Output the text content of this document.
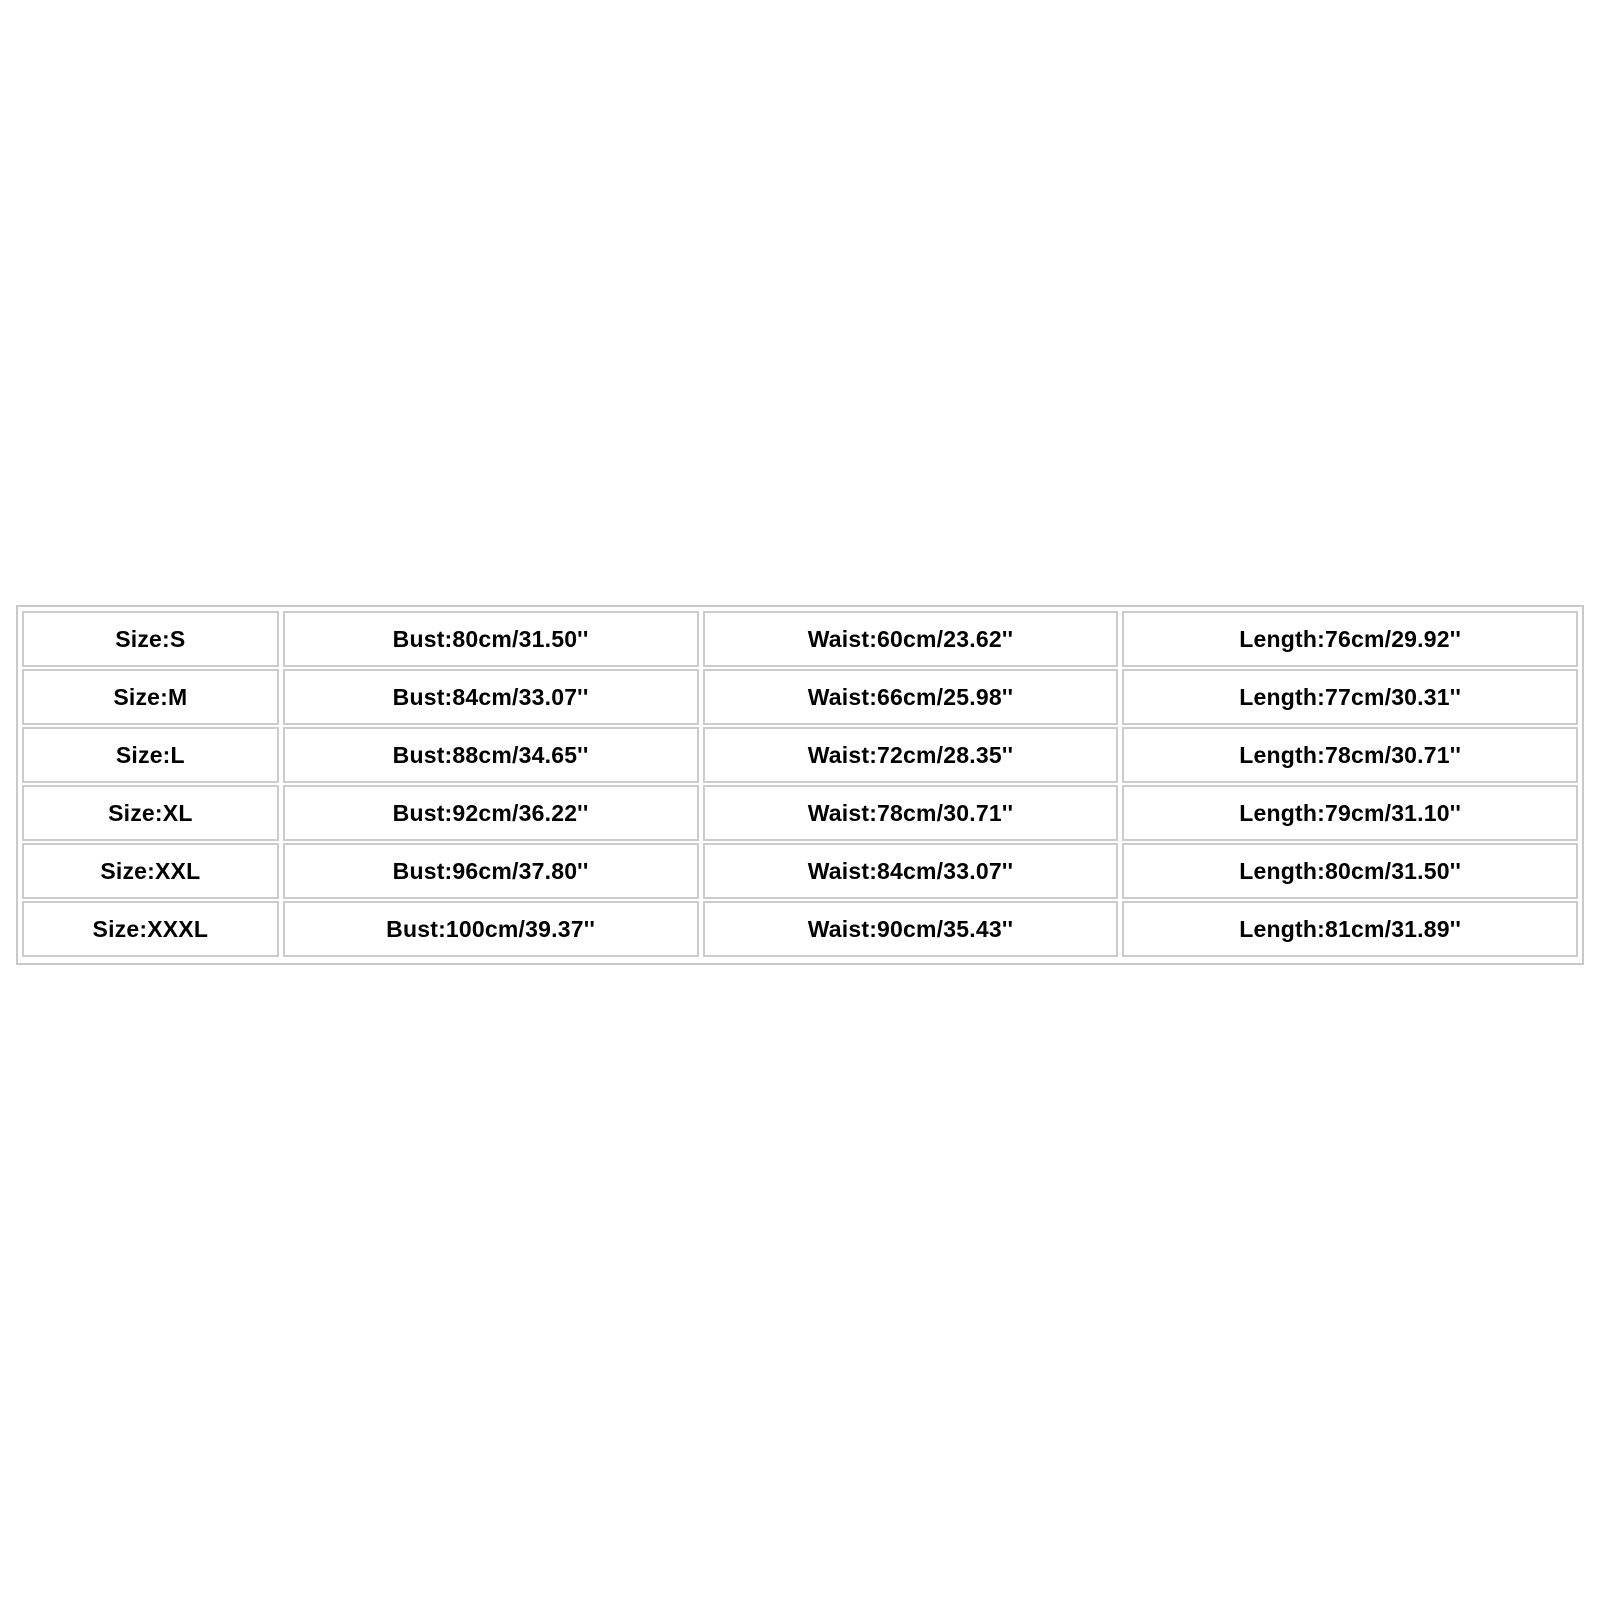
Size:S	Bust:80cm/31.50''	Waist:60cm/23.62''	Length:76cm/29.92''
Size:M	Bust:84cm/33.07''	Waist:66cm/25.98''	Length:77cm/30.31''
Size:L	Bust:88cm/34.65''	Waist:72cm/28.35''	Length:78cm/30.71''
Size:XL	Bust:92cm/36.22''	Waist:78cm/30.71''	Length:79cm/31.10''
Size:XXL	Bust:96cm/37.80''	Waist:84cm/33.07''	Length:80cm/31.50''
Size:XXXL	Bust:100cm/39.37''	Waist:90cm/35.43''	Length:81cm/31.89''
